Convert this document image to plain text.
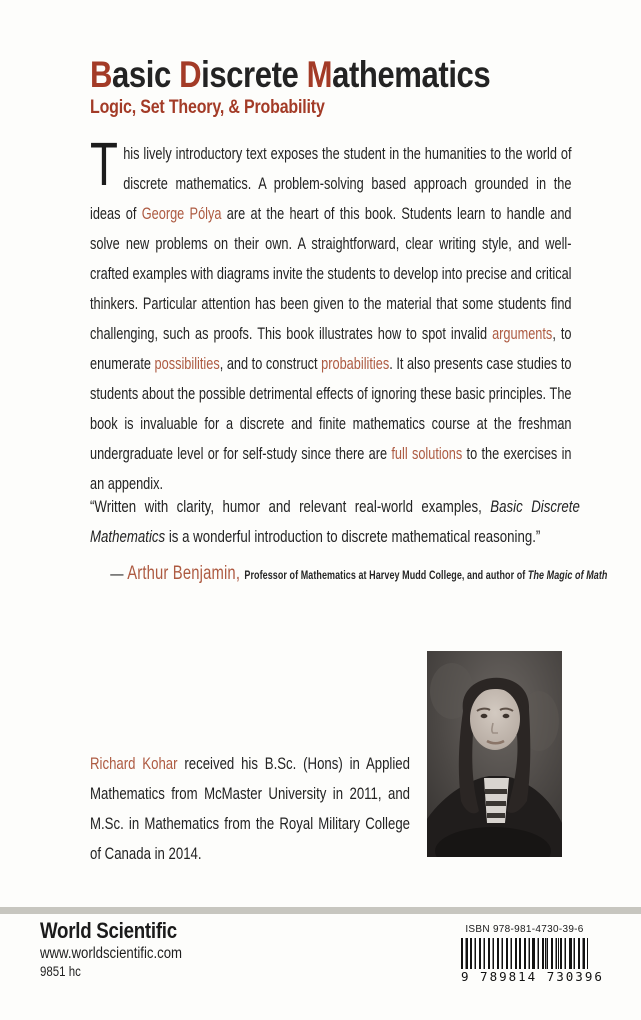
Basic Discrete Mathematics
Logic, Set Theory, & Probability
This lively introductory text exposes the student in the humanities to the world of discrete mathematics. A problem-solving based approach grounded in the ideas of George Pólya are at the heart of this book. Students learn to handle and solve new problems on their own. A straightforward, clear writing style, and well-crafted examples with diagrams invite the students to develop into precise and critical thinkers. Particular attention has been given to the material that some students find challenging, such as proofs. This book illustrates how to spot invalid arguments, to enumerate possibilities, and to construct probabilities. It also presents case studies to students about the possible detrimental effects of ignoring these basic principles. The book is invaluable for a discrete and finite mathematics course at the freshman undergraduate level or for self-study since there are full solutions to the exercises in an appendix.

“Written with clarity, humor and relevant real-world examples, Basic Discrete Mathematics is a wonderful introduction to discrete mathematical reasoning.”

— Arthur Benjamin, Professor of Mathematics at Harvey Mudd College, and author of The Magic of Math

Richard Kohar received his B.Sc. (Hons) in Applied Mathematics from McMaster University in 2011, and M.Sc. in Mathematics from the Royal Military College of Canada in 2014.
World Scientific
www.worldscientific.com
9851 hc
ISBN 978-981-4730-39-6
9 789814 730396
